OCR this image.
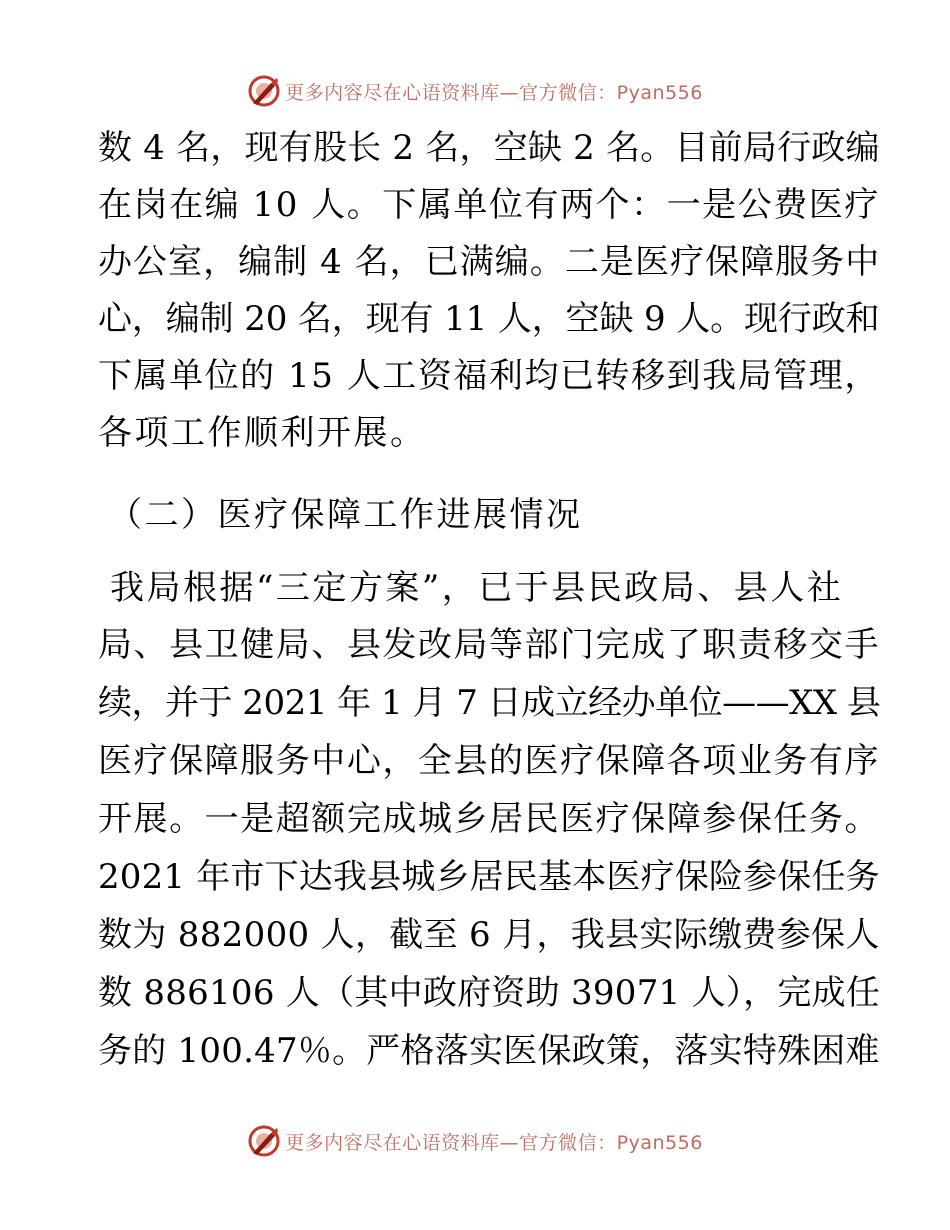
更多内容尽在心语资料库—官方微信：Pyan556
数 4 名，现有股长 2 名，空缺 2 名。目前局行政编
在岗在编 10 人。下属单位有两个：一是公费医疗
办公室，编制 4 名，已满编。二是医疗保障服务中
心，编制 20 名，现有 11 人，空缺 9 人。现行政和
下属单位的 15 人工资福利均已转移到我局管理，
各项工作顺利开展。
（二）医疗保障工作进展情况
我局根据“三定方案”，已于县民政局、县人社
局、县卫健局、县发改局等部门完成了职责移交手
续，并于 2021 年 1 月 7 日成立经办单位——XX 县
医疗保障服务中心，全县的医疗保障各项业务有序
开展。一是超额完成城乡居民医疗保障参保任务。
2021 年市下达我县城乡居民基本医疗保险参保任务
数为 882000 人，截至 6 月，我县实际缴费参保人
数 886106 人（其中政府资助 39071 人），完成任
务的 100.47％。严格落实医保政策，落实特殊困难
更多内容尽在心语资料库—官方微信：Pyan556
